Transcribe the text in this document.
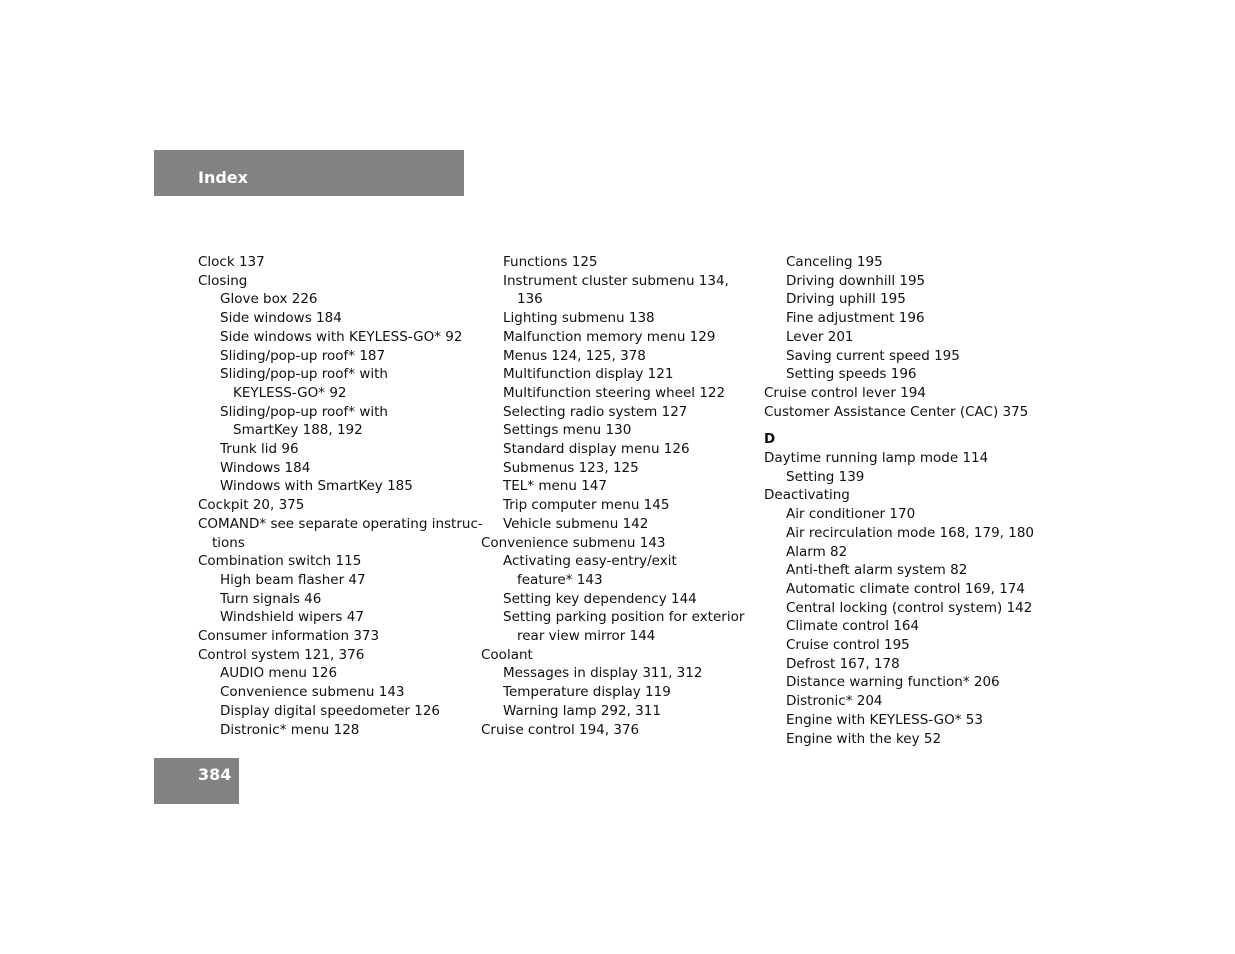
Index
Clock 137
Closing
Glove box 226
Side windows 184
Side windows with KEYLESS-GO* 92
Sliding/pop-up roof* 187
Sliding/pop-up roof* with
KEYLESS-GO* 92
Sliding/pop-up roof* with
SmartKey 188, 192
Trunk lid 96
Windows 184
Windows with SmartKey 185
Cockpit 20, 375
COMAND* see separate operating instruc-
tions
Combination switch 115
High beam flasher 47
Turn signals 46
Windshield wipers 47
Consumer information 373
Control system 121, 376
AUDIO menu 126
Convenience submenu 143
Display digital speedometer 126
Distronic* menu 128
Functions 125
Instrument cluster submenu 134,
136
Lighting submenu 138
Malfunction memory menu 129
Menus 124, 125, 378
Multifunction display 121
Multifunction steering wheel 122
Selecting radio system 127
Settings menu 130
Standard display menu 126
Submenus 123, 125
TEL* menu 147
Trip computer menu 145
Vehicle submenu 142
Convenience submenu 143
Activating easy-entry/exit
feature* 143
Setting key dependency 144
Setting parking position for exterior
rear view mirror 144
Coolant
Messages in display 311, 312
Temperature display 119
Warning lamp 292, 311
Cruise control 194, 376
Canceling 195
Driving downhill 195
Driving uphill 195
Fine adjustment 196
Lever 201
Saving current speed 195
Setting speeds 196
Cruise control lever 194
Customer Assistance Center (CAC) 375
D
Daytime running lamp mode 114
Setting 139
Deactivating
Air conditioner 170
Air recirculation mode 168, 179, 180
Alarm 82
Anti-theft alarm system 82
Automatic climate control 169, 174
Central locking (control system) 142
Climate control 164
Cruise control 195
Defrost 167, 178
Distance warning function* 206
Distronic* 204
Engine with KEYLESS-GO* 53
Engine with the key 52
384
